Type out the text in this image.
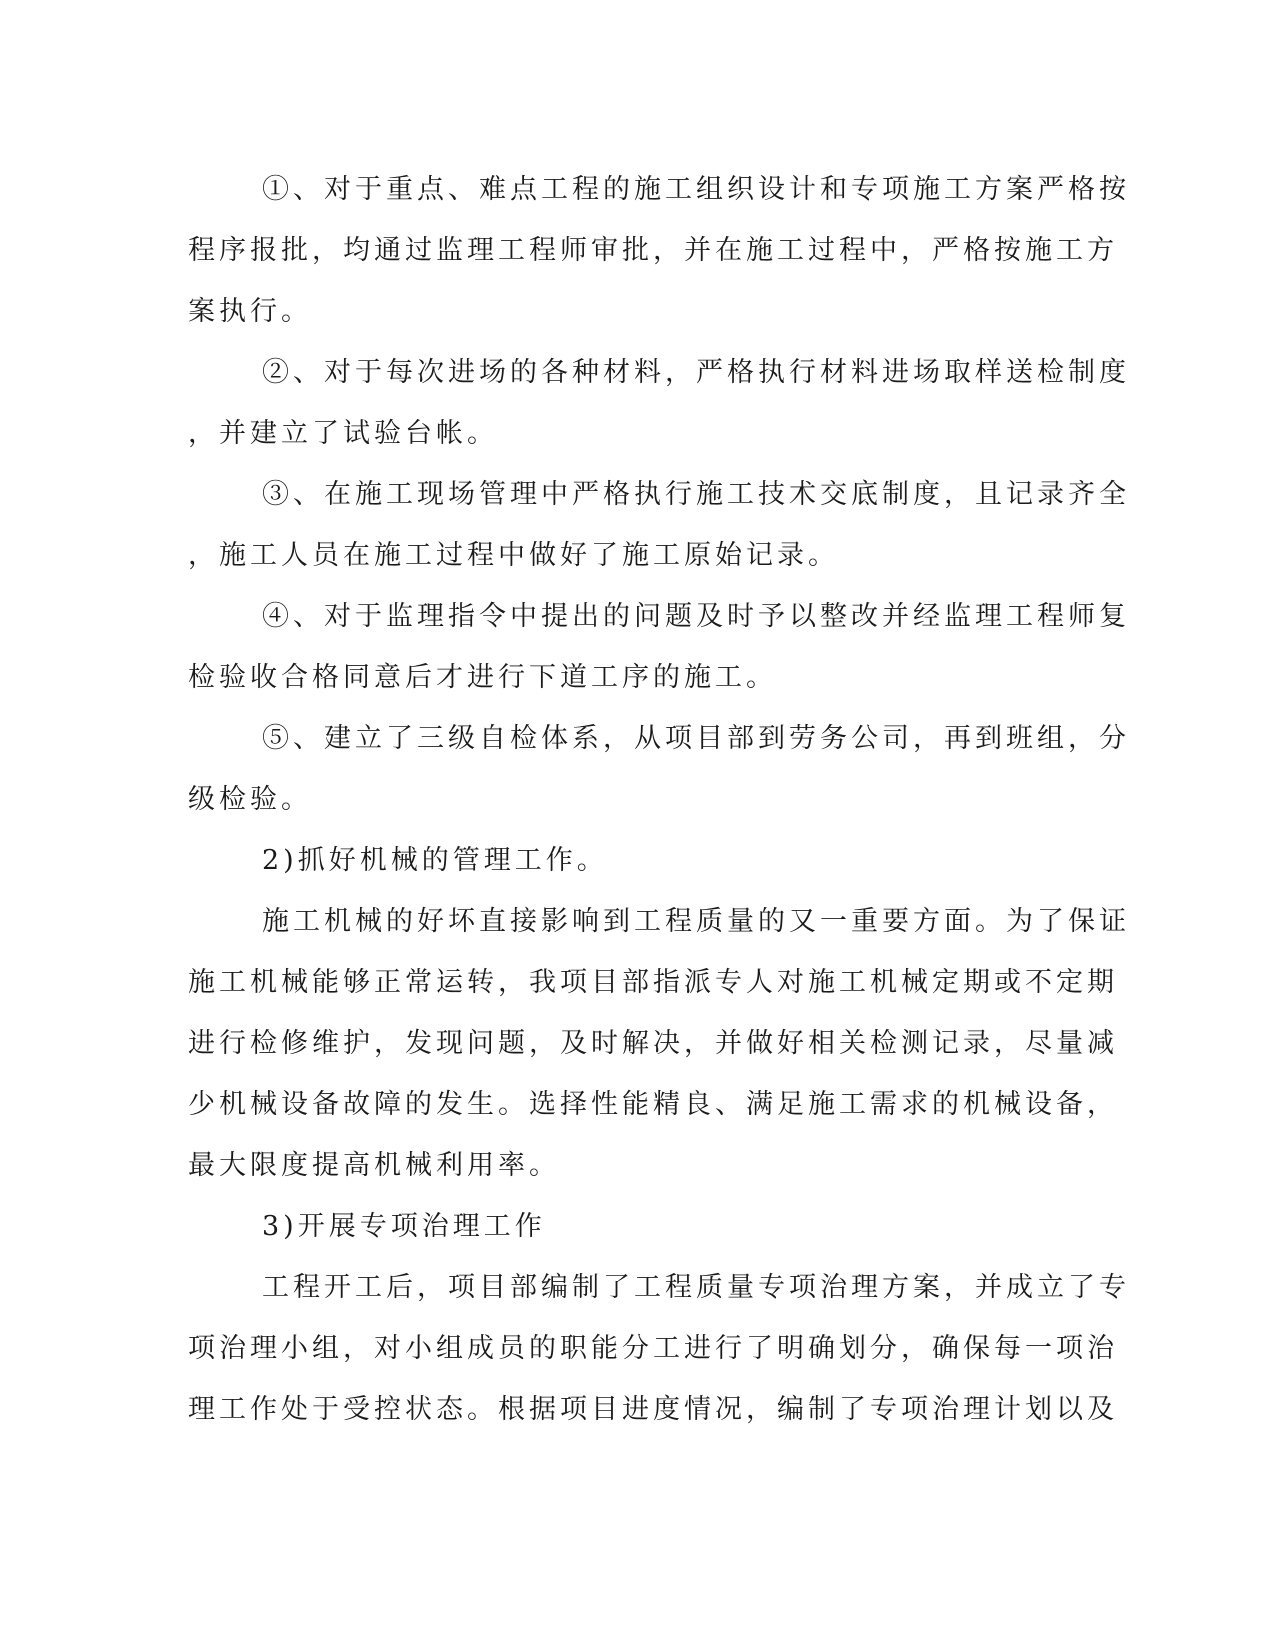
①、对于重点、难点工程的施工组织设计和专项施工方案严格按
程序报批，均通过监理工程师审批，并在施工过程中，严格按施工方
案执行。
②、对于每次进场的各种材料，严格执行材料进场取样送检制度
，并建立了试验台帐。
③、在施工现场管理中严格执行施工技术交底制度，且记录齐全
，施工人员在施工过程中做好了施工原始记录。
④、对于监理指令中提出的问题及时予以整改并经监理工程师复
检验收合格同意后才进行下道工序的施工。
⑤、建立了三级自检体系，从项目部到劳务公司，再到班组，分
级检验。
2)抓好机械的管理工作。
施工机械的好坏直接影响到工程质量的又一重要方面。为了保证
施工机械能够正常运转，我项目部指派专人对施工机械定期或不定期
进行检修维护，发现问题，及时解决，并做好相关检测记录，尽量减
少机械设备故障的发生。选择性能精良、满足施工需求的机械设备，
最大限度提高机械利用率。
3)开展专项治理工作
工程开工后，项目部编制了工程质量专项治理方案，并成立了专
项治理小组，对小组成员的职能分工进行了明确划分，确保每一项治
理工作处于受控状态。根据项目进度情况，编制了专项治理计划以及
